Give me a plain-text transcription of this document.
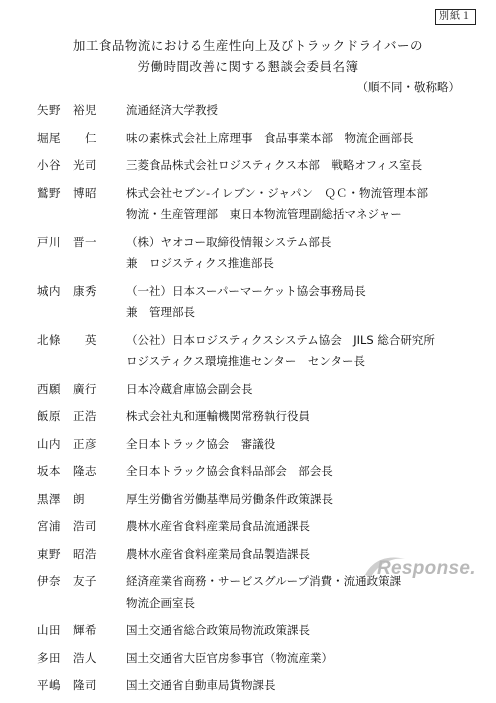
別紙１
加工食品物流における生産性向上及びトラックドライバーの
労働時間改善に関する懇談会委員名簿
（順不同・敬称略）
矢野　裕児	流通経済大学教授
堀尾　　仁	味の素株式会社上席理事　食品事業本部　物流企画部長
小谷　光司	三菱食品株式会社ロジスティクス本部　戦略オフィス室長
鷲野　博昭	株式会社セブン‐イレブン・ジャパン　ＱＣ・物流管理本部
物流・生産管理部　東日本物流管理副総括マネジャー
戸川　晋一	（株）ヤオコー取締役情報システム部長
兼　ロジスティクス推進部長
城内　康秀	（一社）日本スーパーマーケット協会事務局長
兼　管理部長
北條　　英	（公社）日本ロジスティクスシステム協会　JILS 総合研究所
ロジスティクス環境推進センター　センター長
西願　廣行	日本冷蔵倉庫協会副会長
飯原　正浩	株式会社丸和運輸機関常務執行役員
山内　正彦	全日本トラック協会　審議役
坂本　隆志	全日本トラック協会食料品部会　部会長
黒澤　朗	厚生労働省労働基準局労働条件政策課長
宮浦　浩司	農林水産省食料産業局食品流通課長
東野　昭浩	農林水産省食料産業局食品製造課長
伊奈　友子	経済産業省商務・サービスグループ消費・流通政策課
物流企画室長
山田　輝希	国土交通省総合政策局物流政策課長
多田　浩人	国土交通省大臣官房参事官（物流産業）
平嶋　隆司	国土交通省自動車局貨物課長
Response.
